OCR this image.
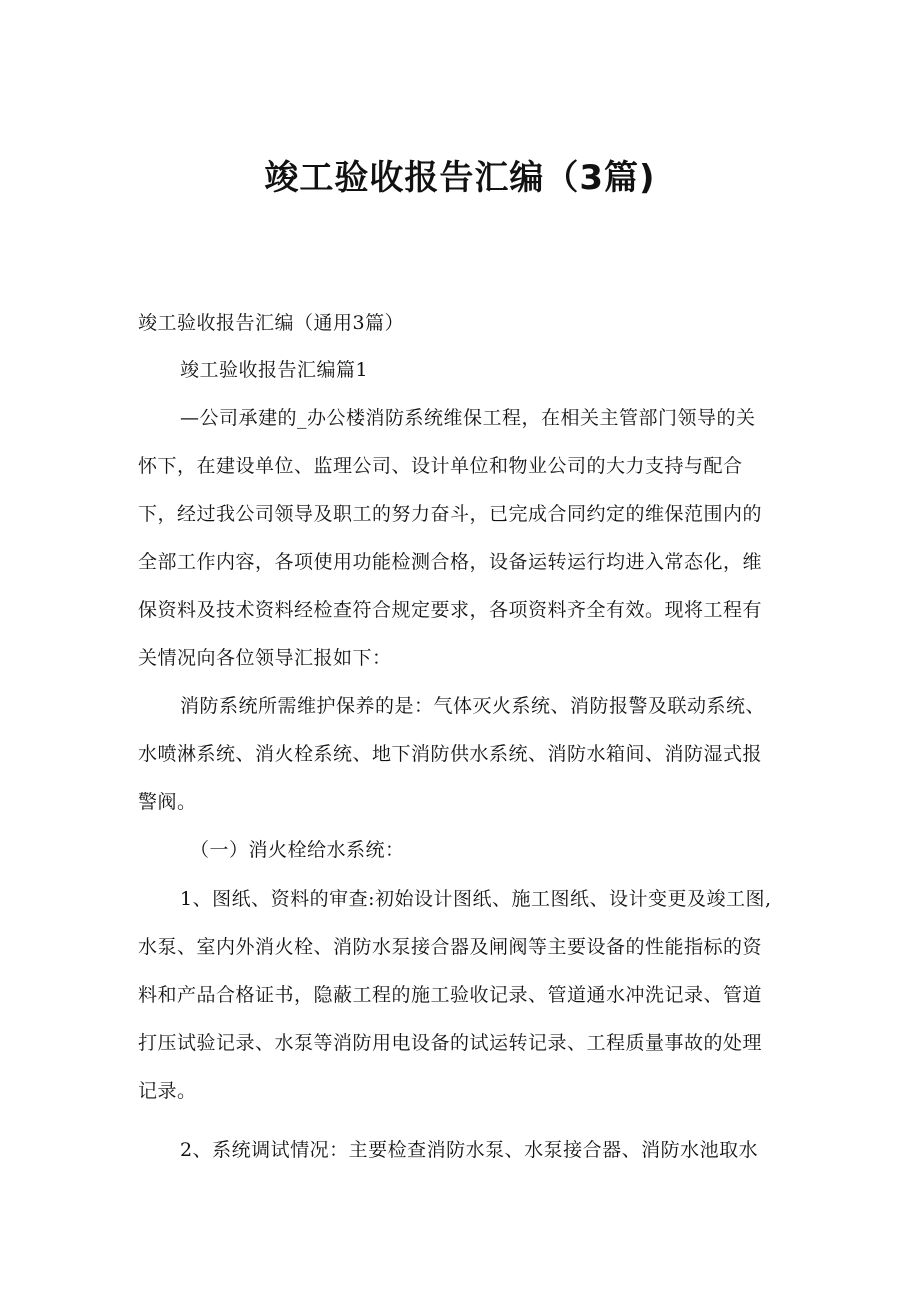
竣工验收报告汇编（3篇)
竣工验收报告汇编（通用3篇）
竣工验收报告汇编篇1
—公司承建的_办公楼消防系统维保工程，在相关主管部门领导的关
怀下，在建设单位、监理公司、设计单位和物业公司的大力支持与配合
下，经过我公司领导及职工的努力奋斗，已完成合同约定的维保范围内的
全部工作内容，各项使用功能检测合格，设备运转运行均进入常态化，维
保资料及技术资料经检查符合规定要求，各项资料齐全有效。现将工程有
关情况向各位领导汇报如下：
消防系统所需维护保养的是：气体灭火系统、消防报警及联动系统、
水喷淋系统、消火栓系统、地下消防供水系统、消防水箱间、消防湿式报
警阀。
（一）消火栓给水系统：
1、图纸、资料的审查:初始设计图纸、施工图纸、设计变更及竣工图,
水泵、室内外消火栓、消防水泵接合器及闸阀等主要设备的性能指标的资
料和产品合格证书，隐蔽工程的施工验收记录、管道通水冲洗记录、管道
打压试验记录、水泵等消防用电设备的试运转记录、工程质量事故的处理
记录。
2、系统调试情况：主要检查消防水泵、水泵接合器、消防水池取水
